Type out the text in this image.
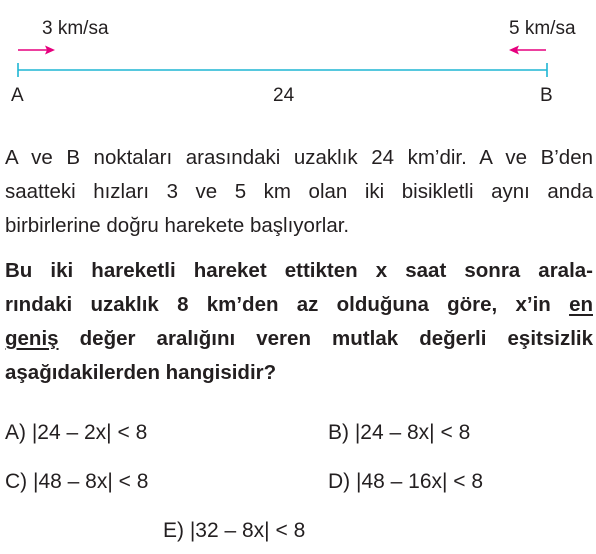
3 km/sa	5 km/sa
A	24	B
A ve B noktaları arasındaki uzaklık 24 km’dir. A ve B’den
saatteki hızları 3 ve 5 km olan iki bisikletli aynı anda
birbirlerine doğru harekete başlıyorlar.
Bu iki hareketli hareket ettikten x saat sonra arala-
rındaki uzaklık 8 km’den az olduğuna göre, x’in en
geniş değer aralığını veren mutlak değerli eşitsizlik
aşağıdakilerden hangisidir?
A) |24 – 2x| < 8	B) |24 – 8x| < 8
C) |48 – 8x| < 8	D) |48 – 16x| < 8
E) |32 – 8x| < 8
